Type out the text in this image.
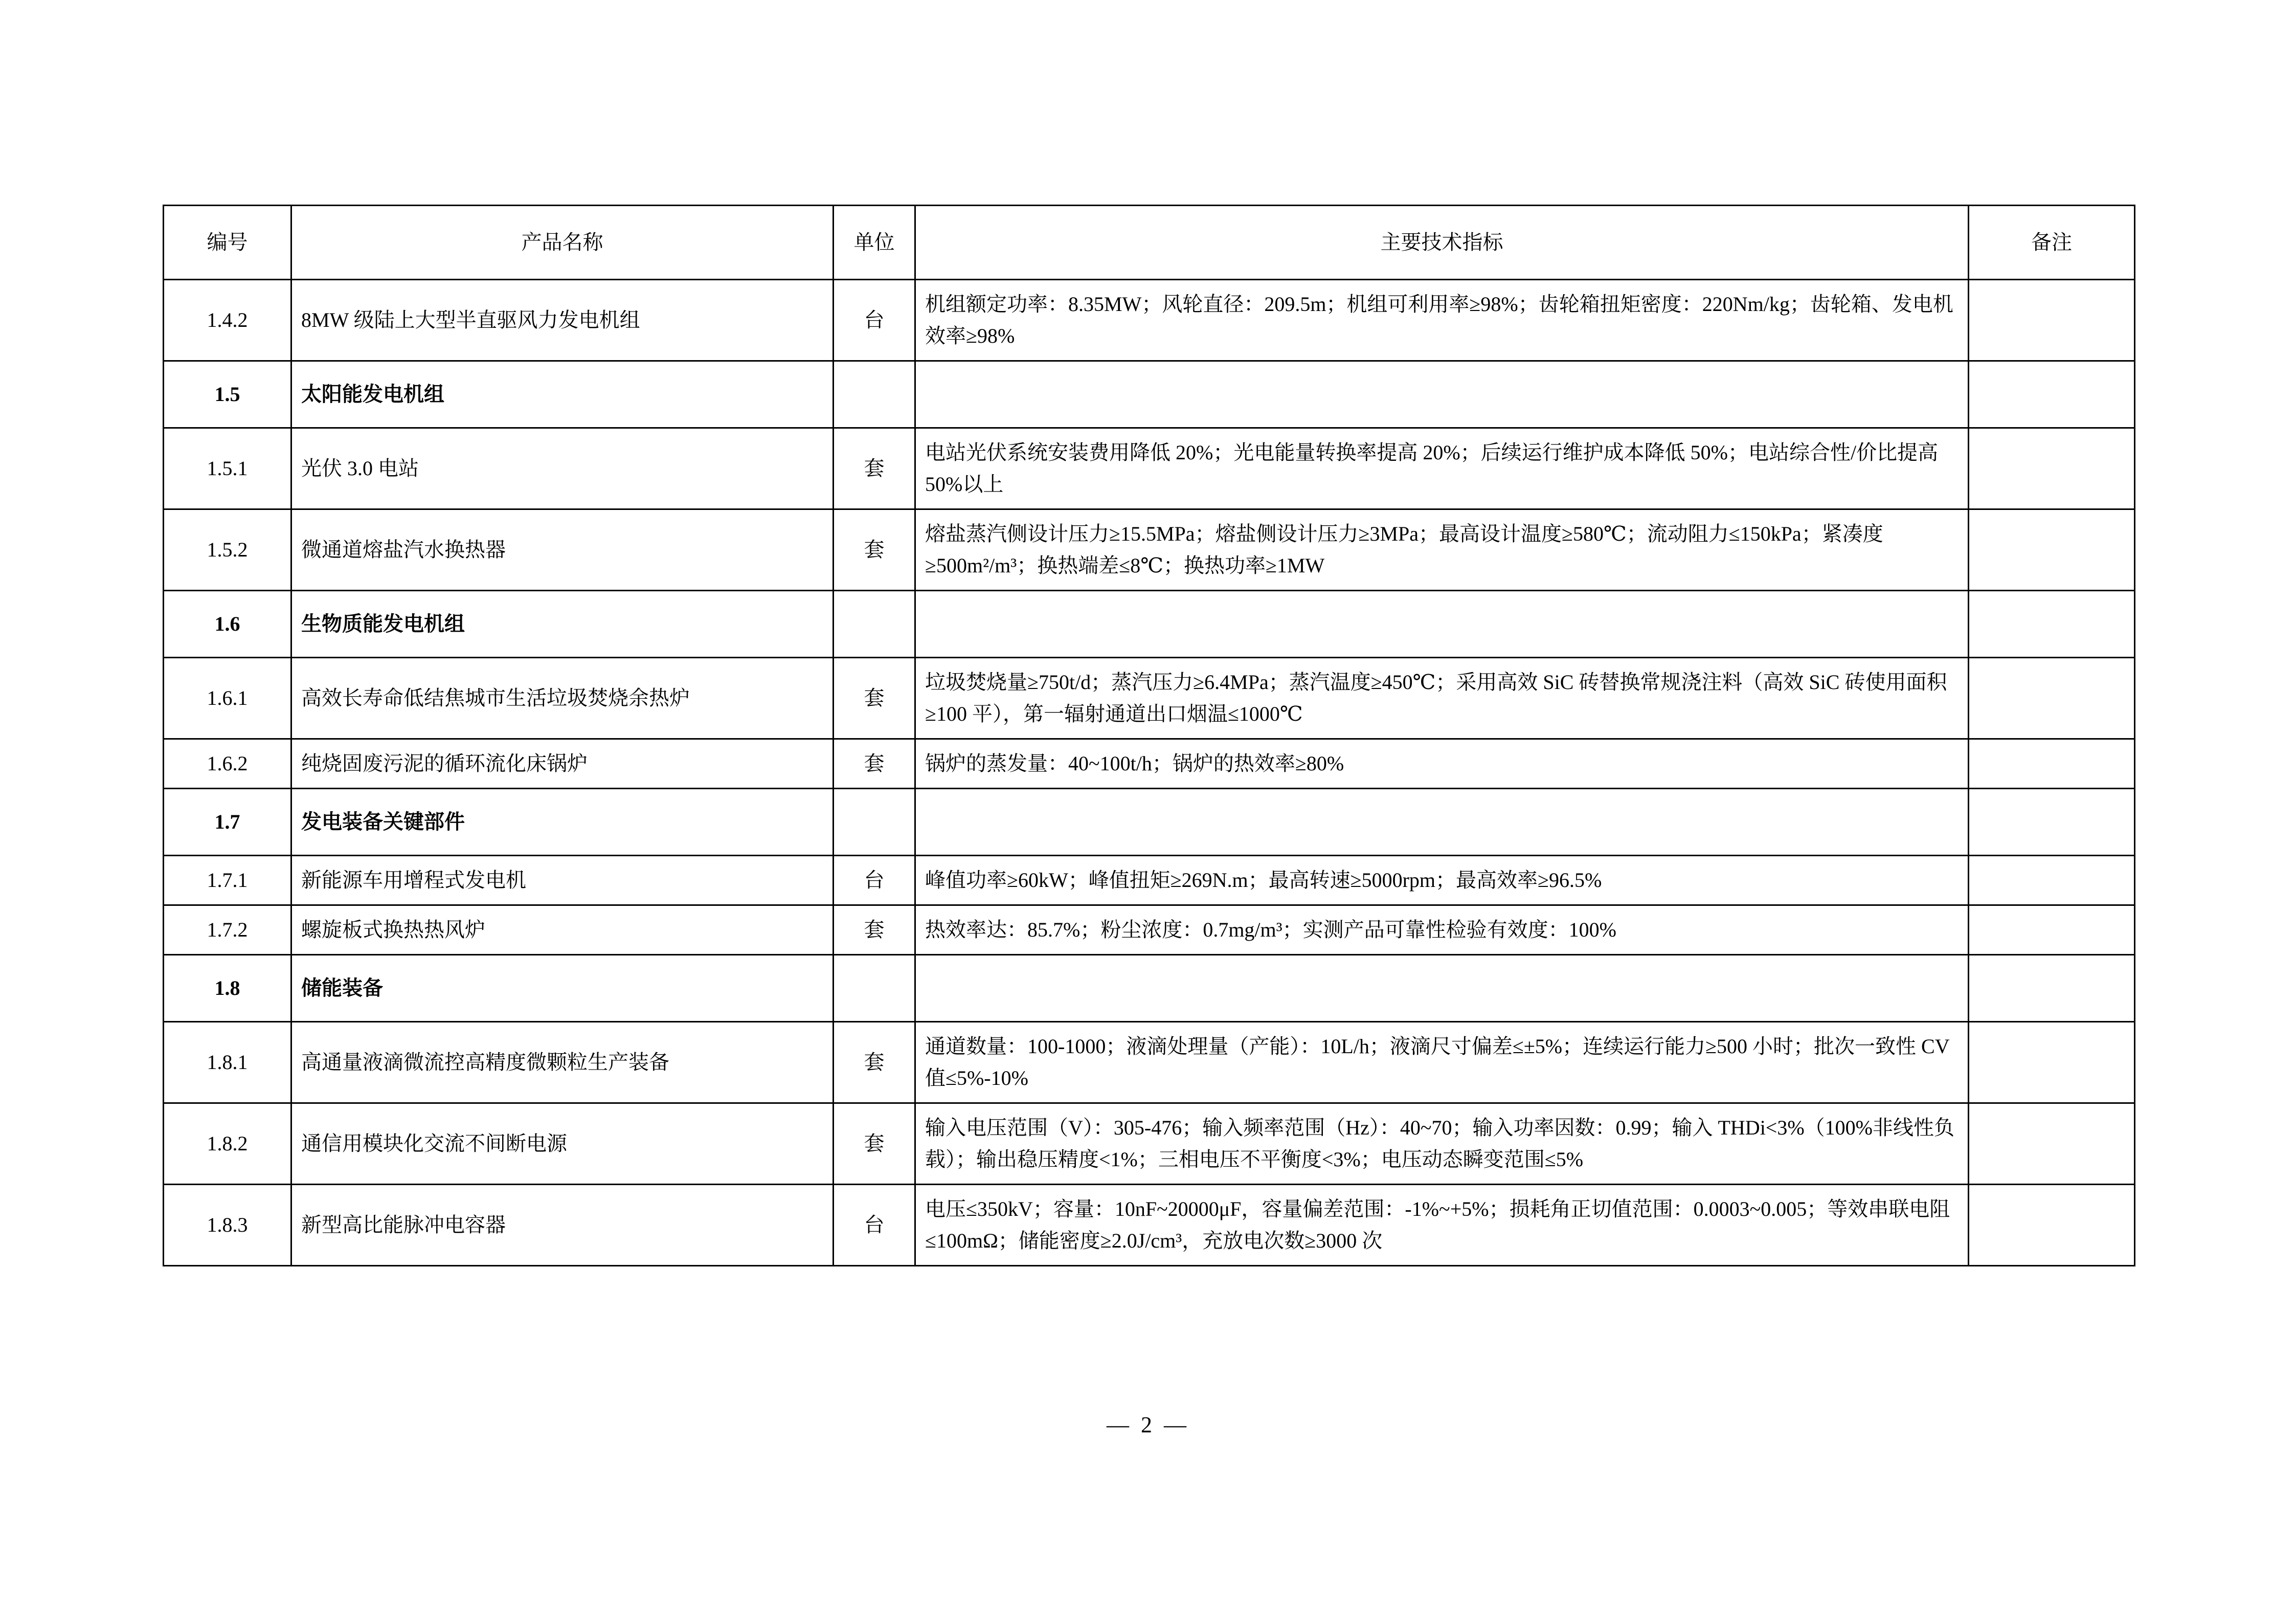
编号	产品名称	单位	主要技术指标	备注
1.4.2	8MW 级陆上大型半直驱风力发电机组	台	机组额定功率：8.35MW；风轮直径：209.5m；机组可利用率≥98%；齿轮箱扭矩密度：220Nm/kg；齿轮箱、发电机效率≥98%	
1.5	太阳能发电机组			
1.5.1	光伏 3.0 电站	套	电站光伏系统安装费用降低 20%；光电能量转换率提高 20%；后续运行维护成本降低 50%；电站综合性/价比提高 50%以上	
1.5.2	微通道熔盐汽水换热器	套	熔盐蒸汽侧设计压力≥15.5MPa；熔盐侧设计压力≥3MPa；最高设计温度≥580℃；流动阻力≤150kPa；紧凑度≥500m²/m³；换热端差≤8℃；换热功率≥1MW	
1.6	生物质能发电机组			
1.6.1	高效长寿命低结焦城市生活垃圾焚烧余热炉	套	垃圾焚烧量≥750t/d；蒸汽压力≥6.4MPa；蒸汽温度≥450℃；采用高效 SiC 砖替换常规浇注料（高效 SiC 砖使用面积≥100 平），第一辐射通道出口烟温≤1000℃	
1.6.2	纯烧固废污泥的循环流化床锅炉	套	锅炉的蒸发量：40~100t/h；锅炉的热效率≥80%	
1.7	发电装备关键部件			
1.7.1	新能源车用增程式发电机	台	峰值功率≥60kW；峰值扭矩≥269N.m；最高转速≥5000rpm；最高效率≥96.5%	
1.7.2	螺旋板式换热热风炉	套	热效率达：85.7%；粉尘浓度：0.7mg/m³；实测产品可靠性检验有效度：100%	
1.8	储能装备			
1.8.1	高通量液滴微流控高精度微颗粒生产装备	套	通道数量：100-1000；液滴处理量（产能）：10L/h；液滴尺寸偏差≤±5%；连续运行能力≥500 小时；批次一致性 CV 值≤5%-10%	
1.8.2	通信用模块化交流不间断电源	套	输入电压范围（V）：305-476；输入频率范围（Hz）：40~70；输入功率因数：0.99；输入 THDi<3%（100%非线性负载）；输出稳压精度<1%；三相电压不平衡度<3%；电压动态瞬变范围≤5%	
1.8.3	新型高比能脉冲电容器	台	电压≤350kV；容量：10nF~20000μF，容量偏差范围：-1%~+5%；损耗角正切值范围：0.0003~0.005；等效串联电阻≤100mΩ；储能密度≥2.0J/cm³，充放电次数≥3000 次	
— 2 —
